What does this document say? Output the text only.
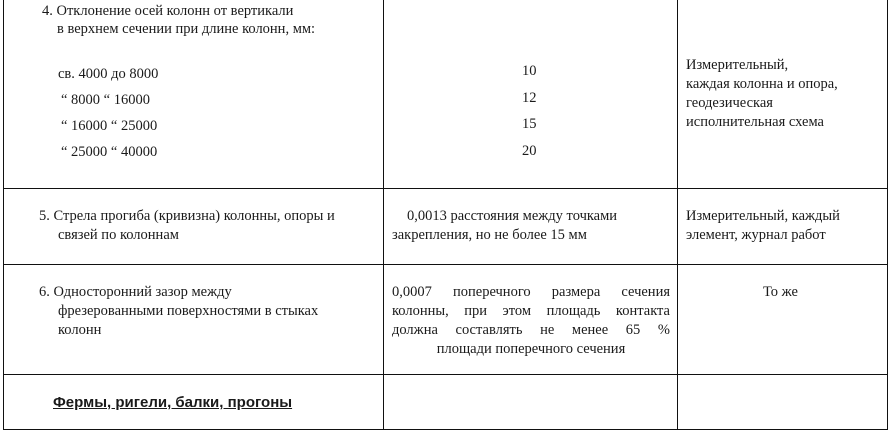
4. Отклонение осей колонн от вертикали
в верхнем сечении при длине колонн, мм:
св. 4000 до 8000
“ 8000 “ 16000
“ 16000 “ 25000
“ 25000 “ 40000
10
12
15
20
Измерительный,
каждая колонна и опора,
геодезическая
исполнительная схема
5. Стрела прогиба (кривизна) колонны, опоры и
связей по колоннам
0,0013 расстояния между точками
закрепления, но не более 15 мм
Измерительный, каждый
элемент, журнал работ
6. Односторонний зазор между
фрезерованными поверхностями в стыках
колонн
0,0007 поперечного размера сечения
колонны, при этом площадь контакта
должна составлять не менее 65 %
площади поперечного сечения
То же
Фермы, ригели, балки, прогоны
